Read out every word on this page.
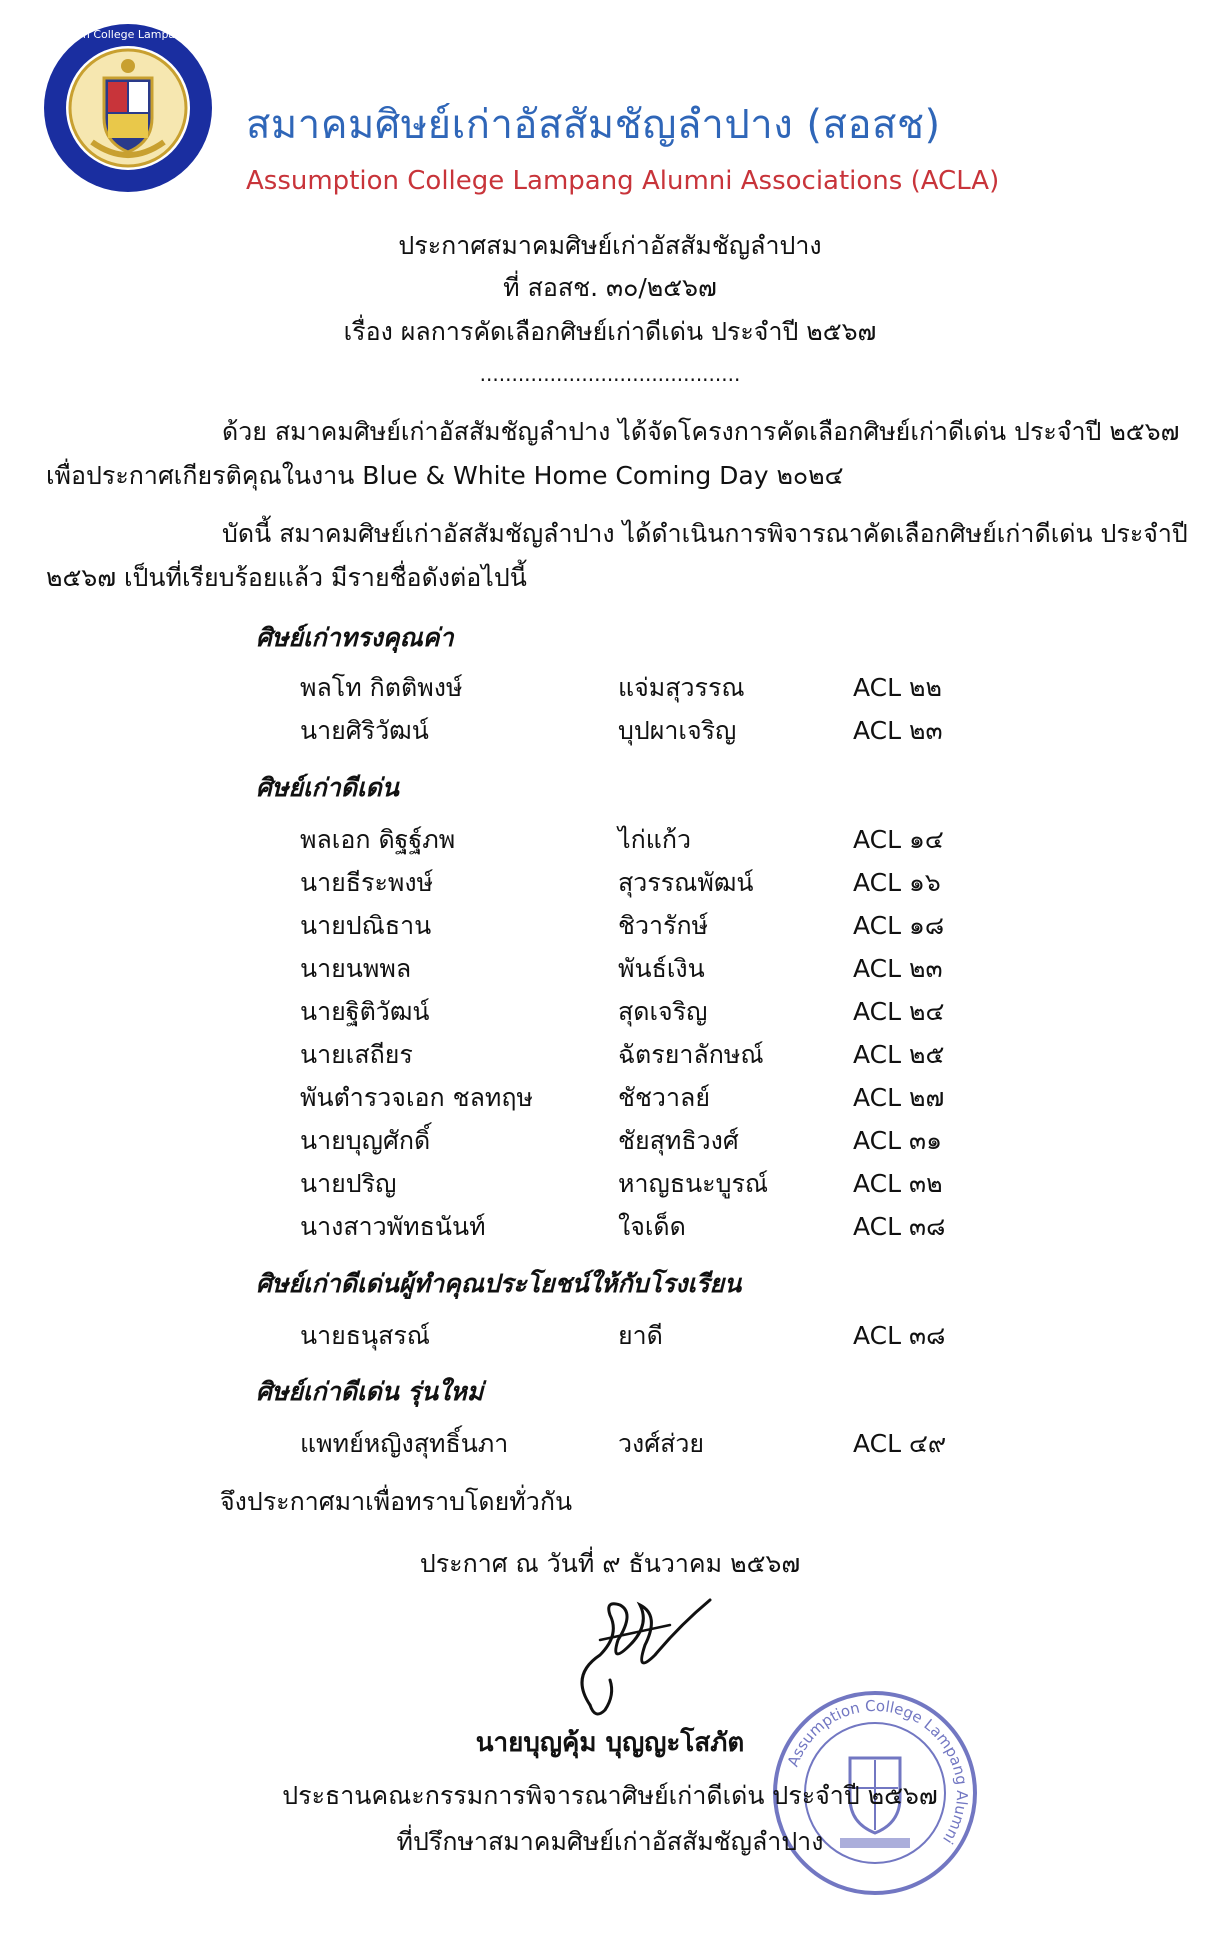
Assumption College Lampang Alumni
สมาคมศิษย์เก่าอัสสัมชัญลำปาง (สอสช)
Assumption College Lampang Alumni Associations (ACLA)
ประกาศสมาคมศิษย์เก่าอัสสัมชัญลำปาง
ที่ สอสช. ๓๐/๒๕๖๗
เรื่อง ผลการคัดเลือกศิษย์เก่าดีเด่น ประจำปี ๒๕๖๗
.........................................
ด้วย สมาคมศิษย์เก่าอัสสัมชัญลำปาง ได้จัดโครงการคัดเลือกศิษย์เก่าดีเด่น ประจำปี ๒๕๖๗
เพื่อประกาศเกียรติคุณในงาน Blue & White Home Coming Day ๒๐๒๔
บัดนี้ สมาคมศิษย์เก่าอัสสัมชัญลำปาง ได้ดำเนินการพิจารณาคัดเลือกศิษย์เก่าดีเด่น ประจำปี
๒๕๖๗ เป็นที่เรียบร้อยแล้ว มีรายชื่อดังต่อไปนี้
ศิษย์เก่าทรงคุณค่า
พลโท กิตติพงษ์	แจ่มสุวรรณ	ACL ๒๒
นายศิริวัฒน์	บุปผาเจริญ	ACL ๒๓
ศิษย์เก่าดีเด่น
พลเอก ดิฐฐ์ภพ	ไก่แก้ว	ACL ๑๔
นายธีระพงษ์	สุวรรณพัฒน์	ACL ๑๖
นายปณิธาน	ชิวารักษ์	ACL ๑๘
นายนพพล	พันธ์เงิน	ACL ๒๓
นายฐิติวัฒน์	สุดเจริญ	ACL ๒๔
นายเสถียร	ฉัตรยาลักษณ์	ACL ๒๕
พันตำรวจเอก ชลทฤษ	ชัชวาลย์	ACL ๒๗
นายบุญศักดิ์	ชัยสุทธิวงศ์	ACL ๓๑
นายปริญ	หาญธนะบูรณ์	ACL ๓๒
นางสาวพัทธนันท์	ใจเด็ด	ACL ๓๘
ศิษย์เก่าดีเด่นผู้ทำคุณประโยชน์ให้กับโรงเรียน
นายธนุสรณ์	ยาดี	ACL ๓๘
ศิษย์เก่าดีเด่น รุ่นใหม่
แพทย์หญิงสุทธิ์นภา	วงศ์ส่วย	ACL ๔๙
จึงประกาศมาเพื่อทราบโดยทั่วกัน
ประกาศ ณ วันที่ ๙ ธันวาคม ๒๕๖๗
Assumption College Lampang Alumni
นายบุญคุ้ม บุญญะโสภัต
ประธานคณะกรรมการพิจารณาศิษย์เก่าดีเด่น ประจำปี ๒๕๖๗
ที่ปรึกษาสมาคมศิษย์เก่าอัสสัมชัญลำปาง
